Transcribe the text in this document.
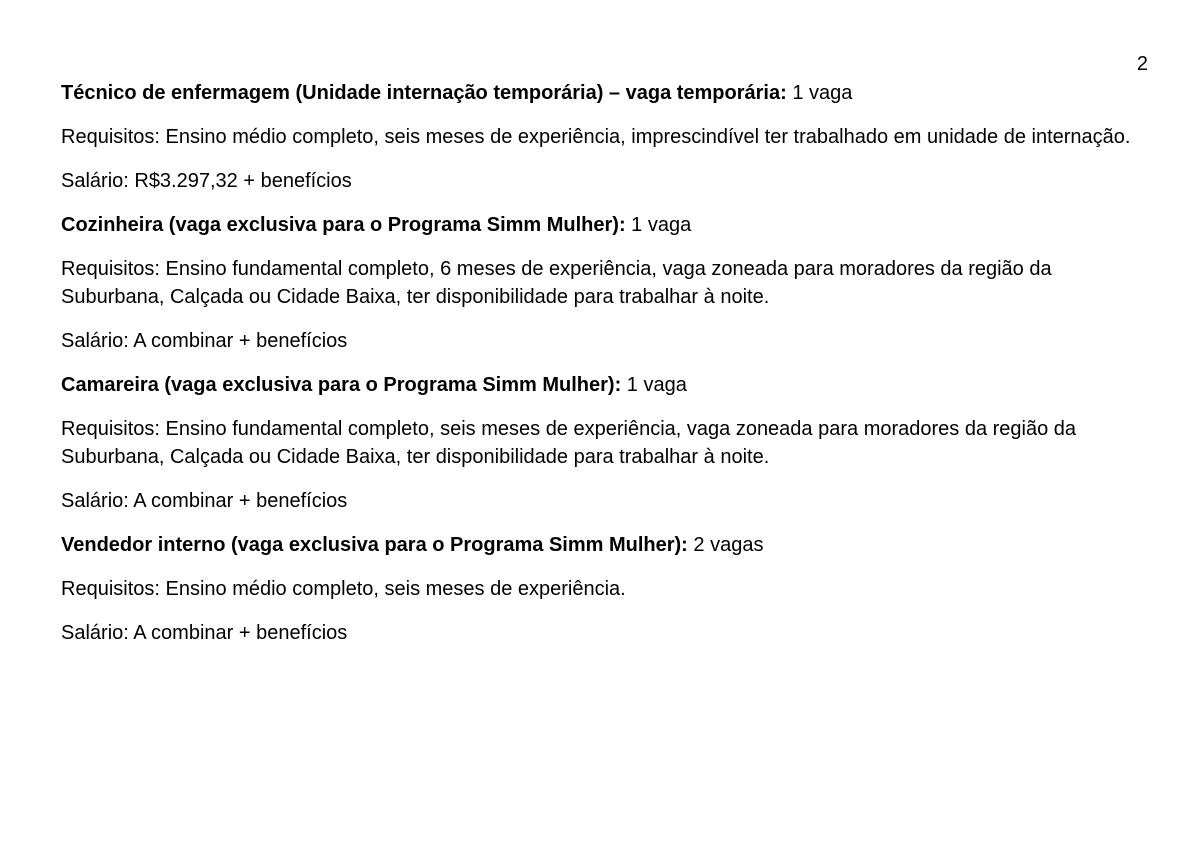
2

Técnico de enfermagem (Unidade internação temporária) – vaga temporária: 1 vaga

Requisitos: Ensino médio completo, seis meses de experiência, imprescindível ter trabalhado em unidade de internação.

Salário: R$3.297,32 + benefícios

Cozinheira (vaga exclusiva para o Programa Simm Mulher): 1 vaga

Requisitos: Ensino fundamental completo, 6 meses de experiência, vaga zoneada para moradores da região da Suburbana, Calçada ou Cidade Baixa, ter disponibilidade para trabalhar à noite.

Salário: A combinar + benefícios

Camareira (vaga exclusiva para o Programa Simm Mulher): 1 vaga

Requisitos: Ensino fundamental completo, seis meses de experiência, vaga zoneada para moradores da região da Suburbana, Calçada ou Cidade Baixa, ter disponibilidade para trabalhar à noite.

Salário: A combinar + benefícios

Vendedor interno (vaga exclusiva para o Programa Simm Mulher): 2 vagas

Requisitos: Ensino médio completo, seis meses de experiência.

Salário: A combinar + benefícios
